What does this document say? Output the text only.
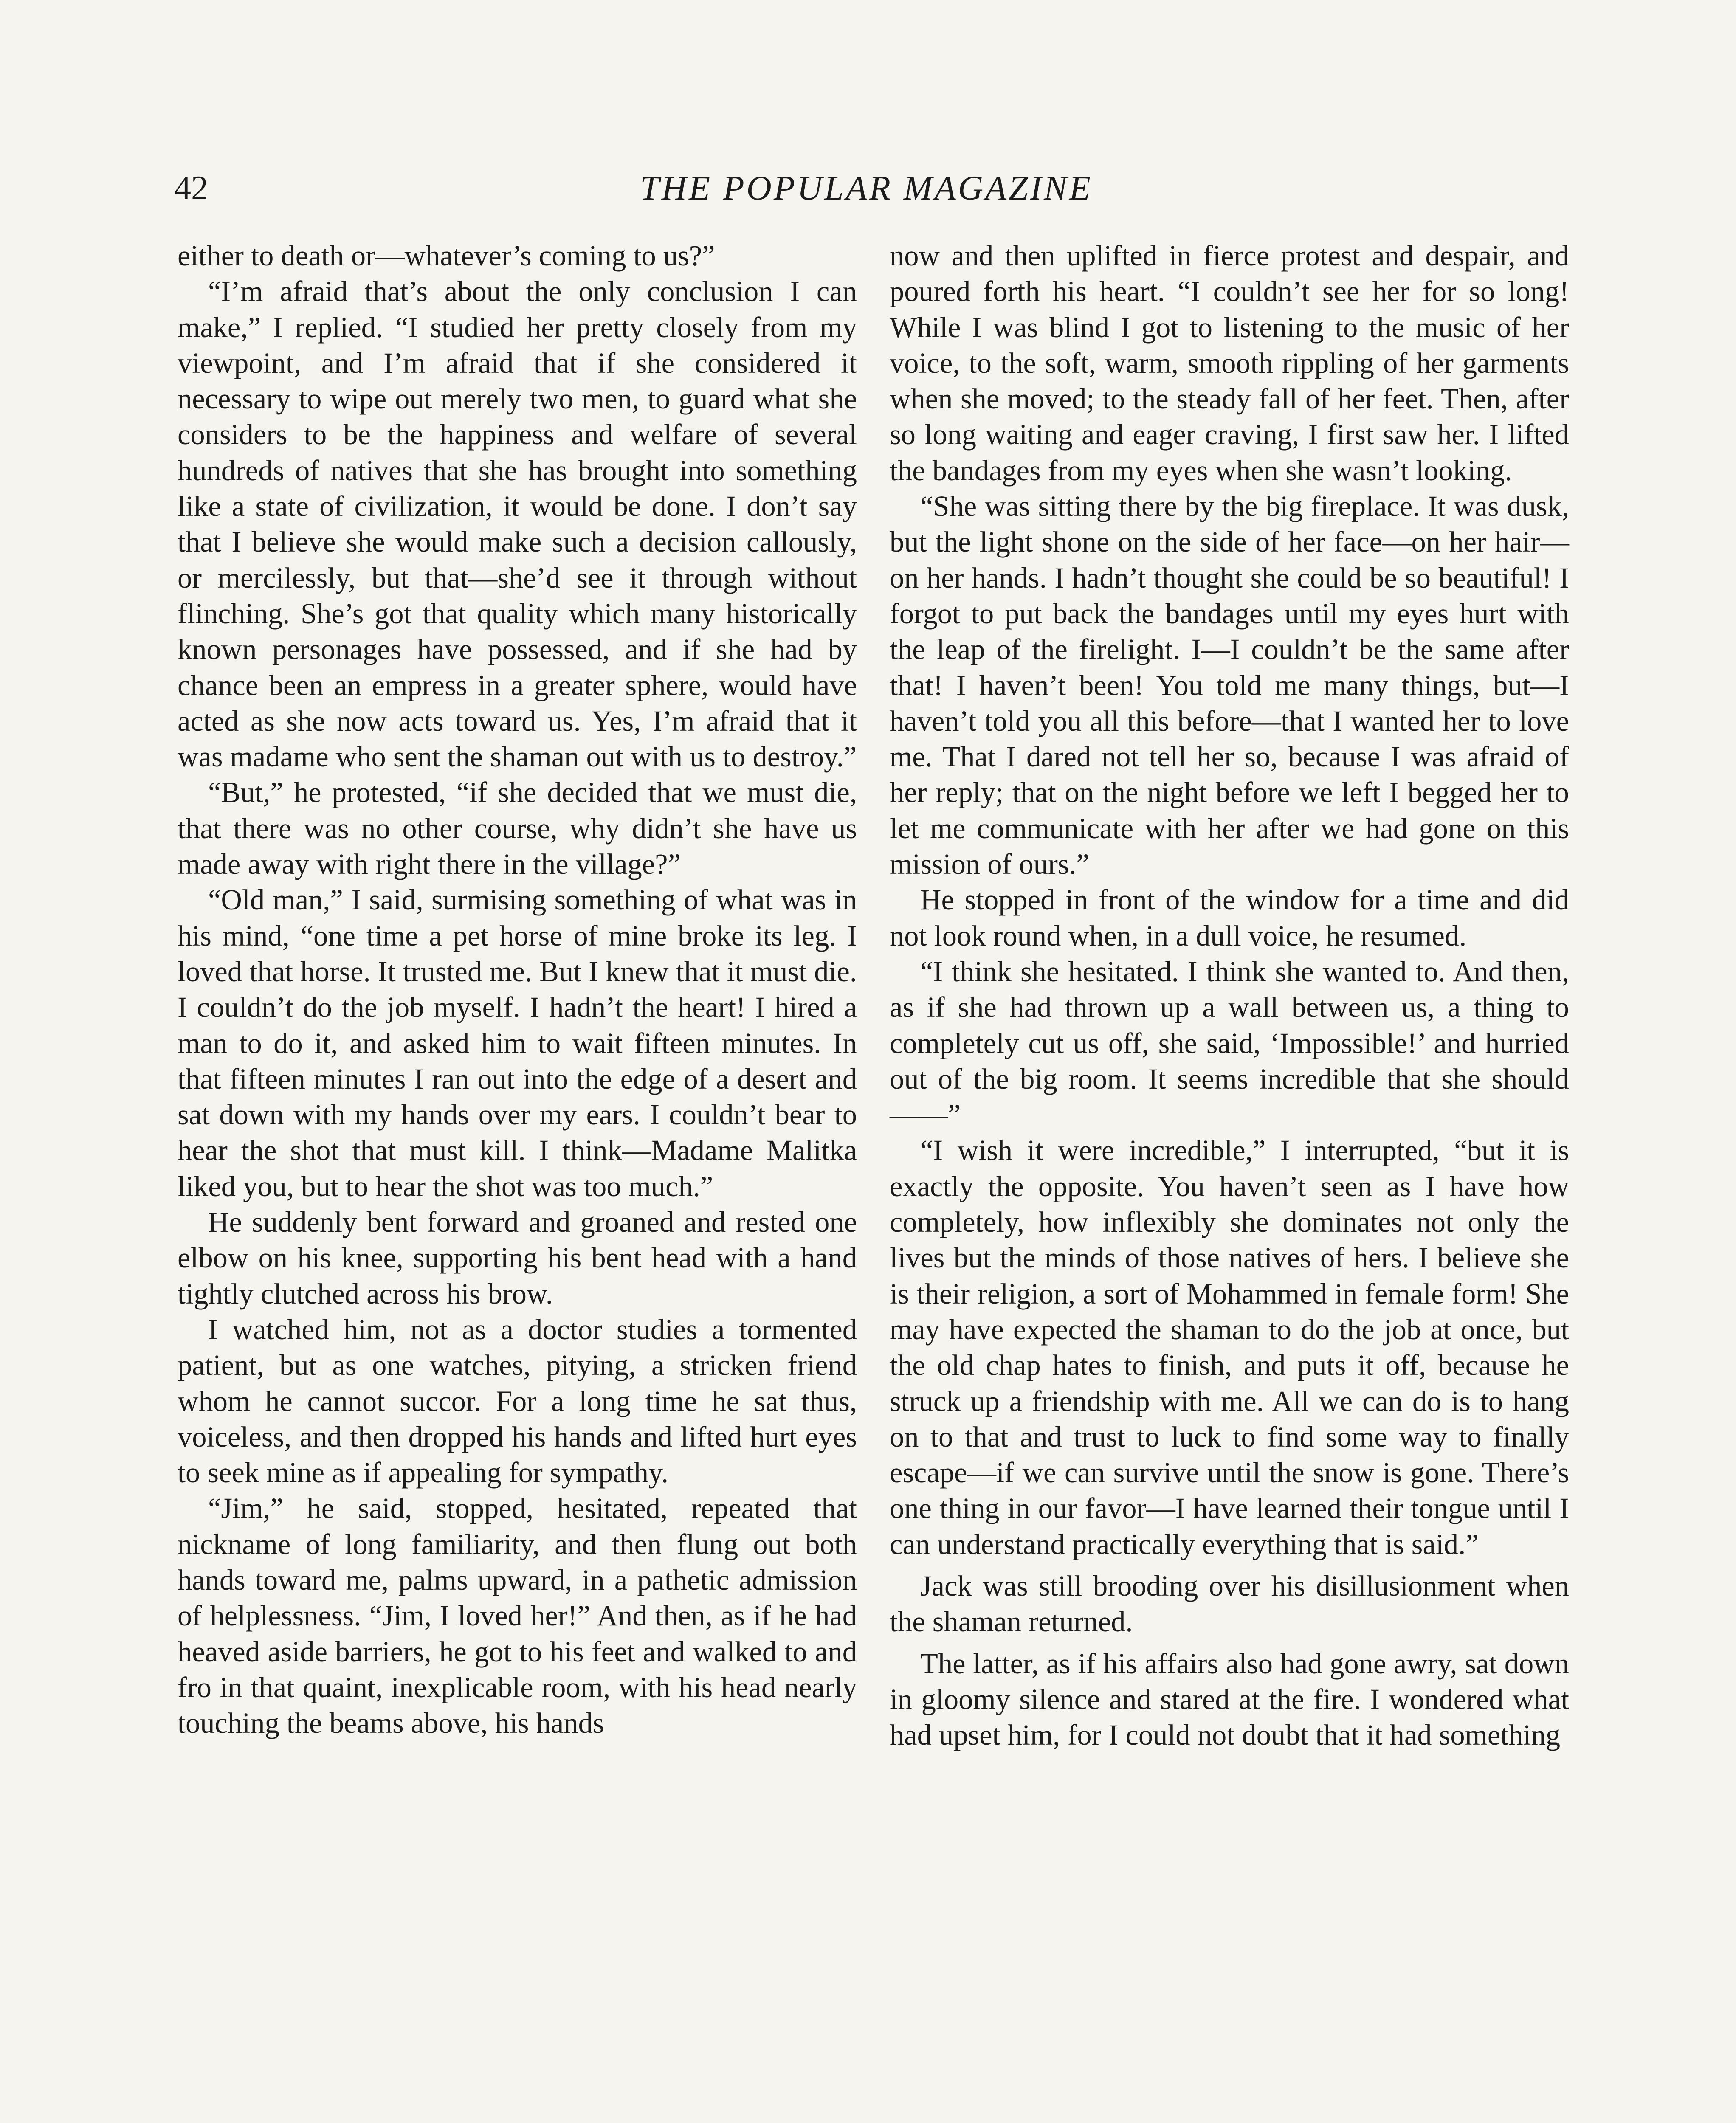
42	THE POPULAR MAGAZINE

either to death or—whatever’s coming to us?”

“I’m afraid that’s about the only conclusion I can make,” I replied. “I studied her pretty closely from my viewpoint, and I’m afraid that if she considered it necessary to wipe out merely two men, to guard what she considers to be the happiness and welfare of several hundreds of natives that she has brought into something like a state of civilization, it would be done. I don’t say that I believe she would make such a decision callously, or mercilessly, but that—she’d see it through without flinching. She’s got that quality which many historically known personages have possessed, and if she had by chance been an empress in a greater sphere, would have acted as she now acts toward us. Yes, I’m afraid that it was madame who sent the shaman out with us to destroy.”

“But,” he protested, “if she decided that we must die, that there was no other course, why didn’t she have us made away with right there in the village?”

“Old man,” I said, surmising something of what was in his mind, “one time a pet horse of mine broke its leg. I loved that horse. It trusted me. But I knew that it must die. I couldn’t do the job myself. I hadn’t the heart! I hired a man to do it, and asked him to wait fifteen minutes. In that fifteen minutes I ran out into the edge of a desert and sat down with my hands over my ears. I couldn’t bear to hear the shot that must kill. I think—Madame Malitka liked you, but to hear the shot was too much.”

He suddenly bent forward and groaned and rested one elbow on his knee, supporting his bent head with a hand tightly clutched across his brow.

I watched him, not as a doctor studies a tormented patient, but as one watches, pitying, a stricken friend whom he cannot succor. For a long time he sat thus, voiceless, and then dropped his hands and lifted hurt eyes to seek mine as if appealing for sympathy.

“Jim,” he said, stopped, hesitated, repeated that nickname of long familiarity, and then flung out both hands toward me, palms upward, in a pathetic admission of helplessness. “Jim, I loved her!” And then, as if he had heaved aside barriers, he got to his feet and walked to and fro in that quaint, inexplicable room, with his head nearly touching the beams above, his hands

now and then uplifted in fierce protest and despair, and poured forth his heart. “I couldn’t see her for so long! While I was blind I got to listening to the music of her voice, to the soft, warm, smooth rippling of her garments when she moved; to the steady fall of her feet. Then, after so long waiting and eager craving, I first saw her. I lifted the bandages from my eyes when she wasn’t looking.

“She was sitting there by the big fireplace. It was dusk, but the light shone on the side of her face—on her hair—on her hands. I hadn’t thought she could be so beautiful! I forgot to put back the bandages until my eyes hurt with the leap of the firelight. I—I couldn’t be the same after that! I haven’t been! You told me many things, but—I haven’t told you all this before—that I wanted her to love me. That I dared not tell her so, because I was afraid of her reply; that on the night before we left I begged her to let me communicate with her after we had gone on this mission of ours.”

He stopped in front of the window for a time and did not look round when, in a dull voice, he resumed.

“I think she hesitated. I think she wanted to. And then, as if she had thrown up a wall between us, a thing to completely cut us off, she said, ‘Impossible!’ and hurried out of the big room. It seems incredible that she should——”

“I wish it were incredible,” I interrupted, “but it is exactly the opposite. You haven’t seen as I have how completely, how inflexibly she dominates not only the lives but the minds of those natives of hers. I believe she is their religion, a sort of Mohammed in female form! She may have expected the shaman to do the job at once, but the old chap hates to finish, and puts it off, because he struck up a friendship with me. All we can do is to hang on to that and trust to luck to find some way to finally escape—if we can survive until the snow is gone. There’s one thing in our favor—I have learned their tongue until I can understand practically everything that is said.”

Jack was still brooding over his disillusionment when the shaman returned.

The latter, as if his affairs also had gone awry, sat down in gloomy silence and stared at the fire. I wondered what had upset him, for I could not doubt that it had something
